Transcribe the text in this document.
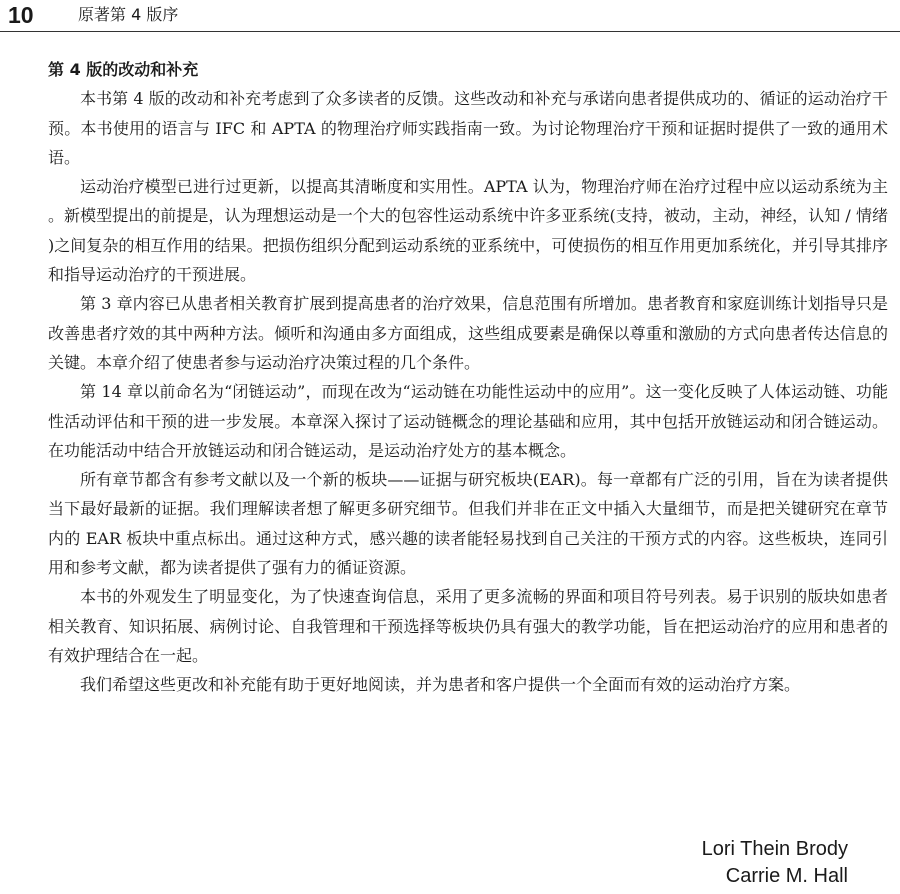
10	原著第 4 版序
第 4 版的改动和补充

本书第 4 版的改动和补充考虑到了众多读者的反馈。这些改动和补充与承诺向患者提供成功的、循证的运动治疗干预。本书使用的语言与 IFC 和 APTA 的物理治疗师实践指南一致。为讨论物理治疗干预和证据时提供了一致的通用术语。

运动治疗模型已进行过更新，以提高其清晰度和实用性。APTA 认为，物理治疗师在治疗过程中应以运动系统为主。新模型提出的前提是，认为理想运动是一个大的包容性运动系统中许多亚系统(支持，被动，主动，神经，认知 / 情绪)之间复杂的相互作用的结果。把损伤组织分配到运动系统的亚系统中，可使损伤的相互作用更加系统化，并引导其排序和指导运动治疗的干预进展。

第 3 章内容已从患者相关教育扩展到提高患者的治疗效果，信息范围有所增加。患者教育和家庭训练计划指导只是改善患者疗效的其中两种方法。倾听和沟通由多方面组成，这些组成要素是确保以尊重和激励的方式向患者传达信息的关键。本章介绍了使患者参与运动治疗决策过程的几个条件。

第 14 章以前命名为“闭链运动”，而现在改为“运动链在功能性运动中的应用”。这一变化反映了人体运动链、功能性活动评估和干预的进一步发展。本章深入探讨了运动链概念的理论基础和应用，其中包括开放链运动和闭合链运动。在功能活动中结合开放链运动和闭合链运动，是运动治疗处方的基本概念。

所有章节都含有参考文献以及一个新的板块——证据与研究板块(EAR)。每一章都有广泛的引用，旨在为读者提供当下最好最新的证据。我们理解读者想了解更多研究细节。但我们并非在正文中插入大量细节，而是把关键研究在章节内的 EAR 板块中重点标出。通过这种方式，感兴趣的读者能轻易找到自己关注的干预方式的内容。这些板块，连同引用和参考文献，都为读者提供了强有力的循证资源。

本书的外观发生了明显变化，为了快速查询信息，采用了更多流畅的界面和项目符号列表。易于识别的版块如患者相关教育、知识拓展、病例讨论、自我管理和干预选择等板块仍具有强大的教学功能，旨在把运动治疗的应用和患者的有效护理结合在一起。

我们希望这些更改和补充能有助于更好地阅读，并为患者和客户提供一个全面而有效的运动治疗方案。

Lori Thein Brody
Carrie M. Hall
